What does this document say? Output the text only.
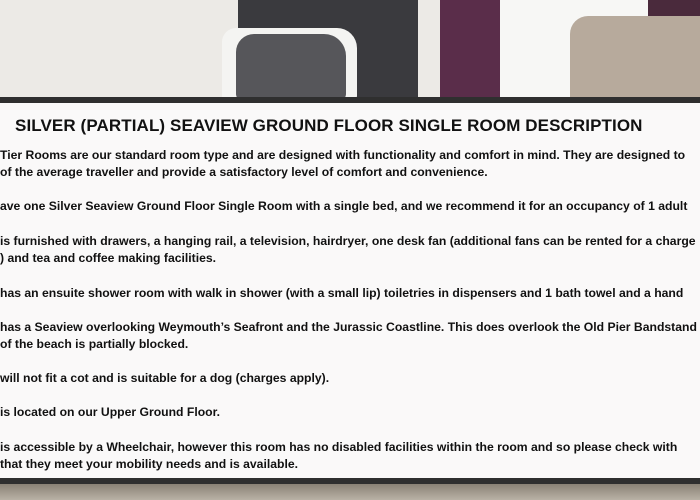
SILVER (PARTIAL) SEAVIEW GROUND FLOOR SINGLE ROOM DESCRIPTION
Tier Rooms are our standard room type and are designed with functionality and comfort in mind. They are designed to
of the average traveller and provide a satisfactory level of comfort and convenience.
ave one Silver Seaview Ground Floor Single Room with a single bed, and we recommend it for an occupancy of 1 adult
is furnished with drawers, a hanging rail, a television, hairdryer, one desk fan (additional fans can be rented for a charge
) and tea and coffee making facilities.
has an ensuite shower room with walk in shower (with a small lip) toiletries in dispensers and 1 bath towel and a hand
has a Seaview overlooking Weymouth’s Seafront and the Jurassic Coastline. This does overlook the Old Pier Bandstand
of the beach is partially blocked.
will not fit a cot and is suitable for a dog (charges apply).
is located on our Upper Ground Floor.
is accessible by a Wheelchair, however this room has no disabled facilities within the room and so please check with
that they meet your mobility needs and is available.
